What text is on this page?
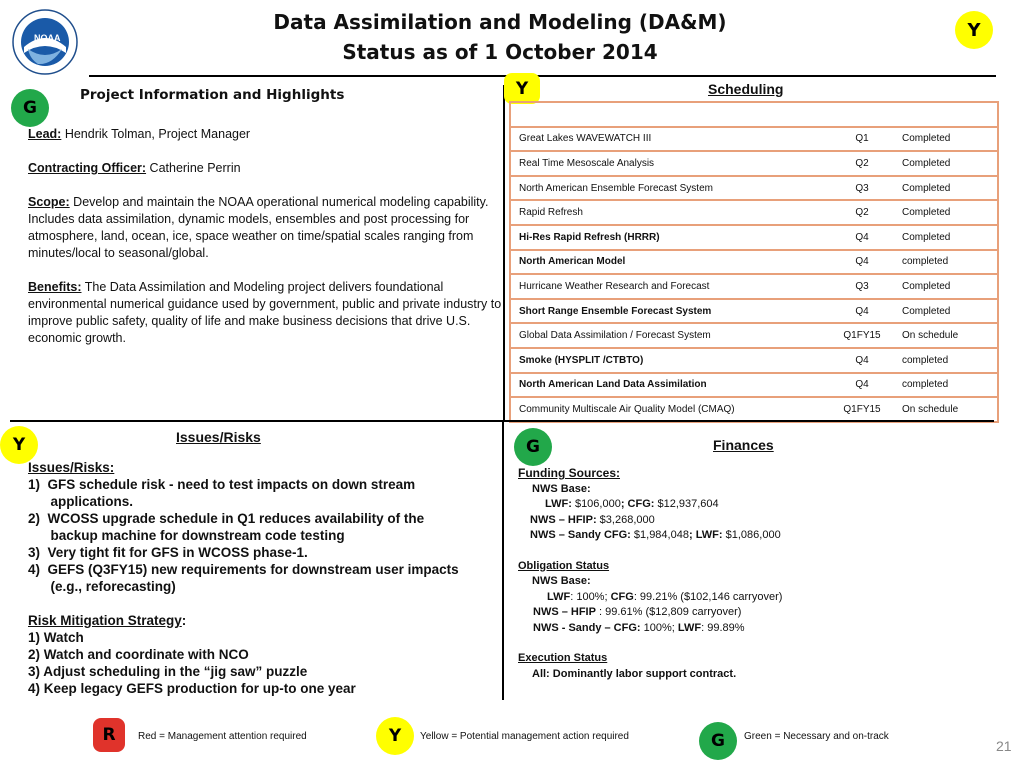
NOAA
Data Assimilation and Modeling (DA&M)
Status as of 1 October 2014
Y
G
Project Information and Highlights
Lead: Hendrik Tolman, Project Manager
Contracting Officer: Catherine Perrin
Scope: Develop and maintain the NOAA operational numerical modeling capability. Includes data assimilation, dynamic models, ensembles and post processing for atmosphere, land, ocean, ice, space weather on time/spatial scales ranging from minutes/local to seasonal/global.
Benefits: The Data Assimilation and Modeling project delivers foundational environmental numerical guidance used by government, public and private industry to improve public safety, quality of life and make business decisions that drive U.S. economic growth.
Y	Scheduling

Great Lakes WAVEWATCH III	Q1	Completed
Real Time Mesoscale Analysis	Q2	Completed
North American Ensemble Forecast System	Q3	Completed
Rapid Refresh	Q2	Completed
Hi-Res Rapid Refresh (HRRR)	Q4	Completed
North American Model	Q4	completed
Hurricane Weather Research and Forecast	Q3	Completed
Short Range Ensemble Forecast System	Q4	Completed
Global Data Assimilation / Forecast System	Q1FY15	On schedule
Smoke (HYSPLIT /CTBTO)	Q4	completed
North American Land Data Assimilation	Q4	completed
Community Multiscale Air Quality Model (CMAQ)	Q1FY15	On schedule
Y	Issues/Risks
Issues/Risks:
1)  GFS schedule risk - need to test impacts on down stream
applications.
2)  WCOSS upgrade schedule in Q1 reduces availability of the
backup machine for downstream code testing
3)  Very tight fit for GFS in WCOSS phase-1.
4)  GEFS (Q3FY15) new requirements for downstream user impacts
(e.g., reforecasting)
Risk Mitigation Strategy:
1) Watch
2) Watch and coordinate with NCO
3) Adjust scheduling in the “jig saw” puzzle
4) Keep legacy GEFS production for up-to one year
G	Finances
Funding Sources:
NWS Base:
LWF: $106,000; CFG: $12,937,604
NWS – HFIP: $3,268,000
NWS – Sandy CFG: $1,984,048; LWF: $1,086,000
Obligation Status
NWS Base:
LWF: 100%; CFG: 99.21% ($102,146 carryover)
NWS – HFIP : 99.61% ($12,809 carryover)
NWS - Sandy – CFG: 100%; LWF: 99.89%
Execution Status
All: Dominantly labor support contract.
R	Red = Management attention required	Y	Yellow = Potential management action required	G	Green = Necessary and on-track
21
